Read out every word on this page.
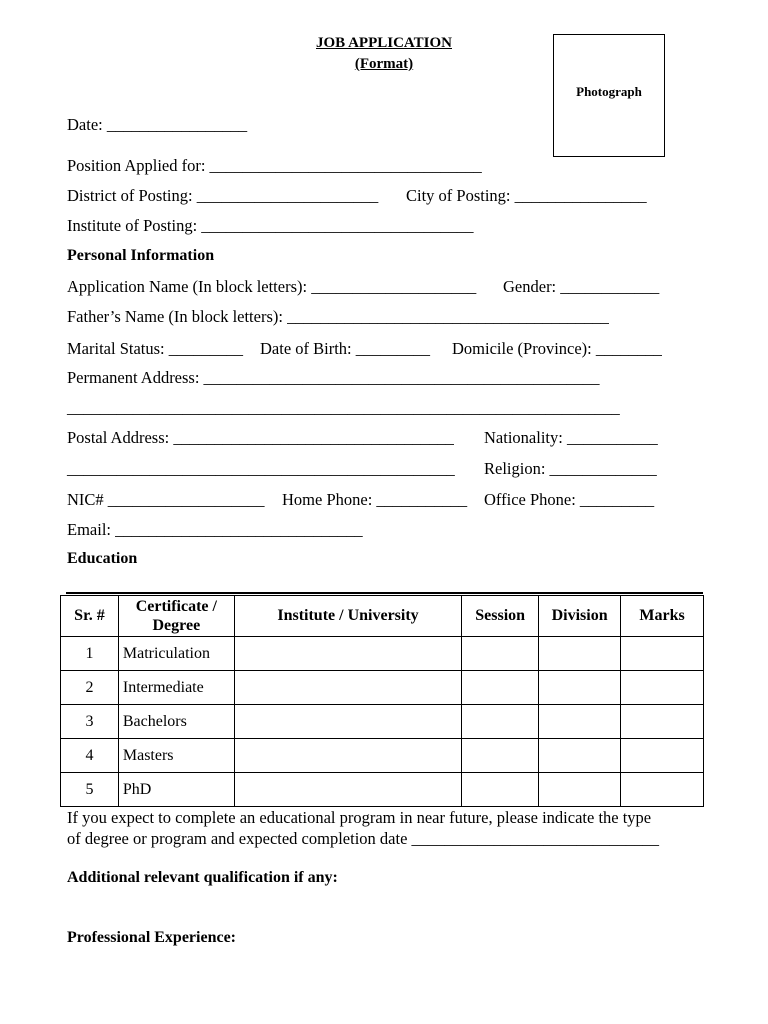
JOB APPLICATION
(Format)
Photograph
Date: _________________
Position Applied for: _________________________________
District of Posting: ______________________ City of Posting: ________________
Institute of Posting: _________________________________
Personal Information
Application Name (In block letters): ____________________ Gender: ____________
Father’s Name (In block letters): _______________________________________
Marital Status: _________ Date of Birth: _________ Domicile (Province): ________
Permanent Address: ________________________________________________
___________________________________________________________________
Postal Address: __________________________________ Nationality: ___________
_______________________________________________ Religion: _____________
NIC# ___________________ Home Phone: ___________ Office Phone: _________
Email: ______________________________
Education
Sr. #	Certificate / Degree	Institute / University	Session	Division	Marks
1	Matriculation				
2	Intermediate				
3	Bachelors				
4	Masters				
5	PhD				
If you expect to complete an educational program in near future, please indicate the type
of degree or program and expected completion date ______________________________
Additional relevant qualification if any:
Professional Experience:
